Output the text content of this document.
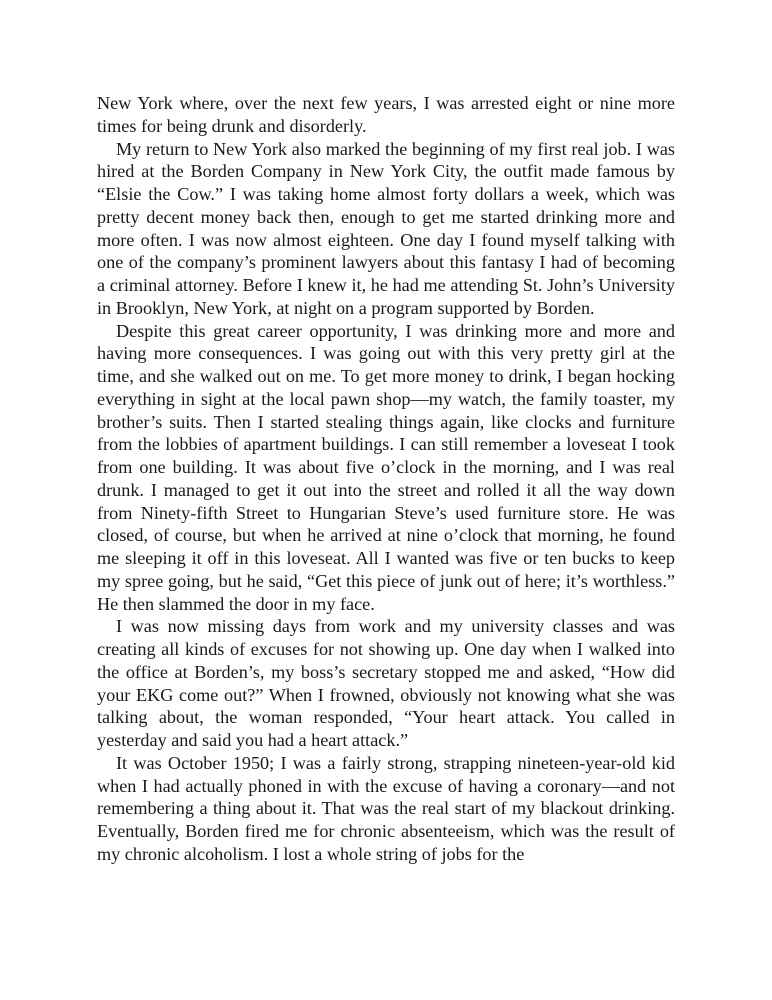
New York where, over the next few years, I was arrested eight or nine more times for being drunk and disorderly.

My return to New York also marked the beginning of my first real job. I was hired at the Borden Company in New York City, the outfit made famous by “Elsie the Cow.” I was taking home almost forty dollars a week, which was pretty decent money back then, enough to get me started drinking more and more often. I was now almost eighteen. One day I found myself talking with one of the company’s prominent lawyers about this fantasy I had of becoming a criminal attorney. Before I knew it, he had me attending St. John’s University in Brooklyn, New York, at night on a program supported by Borden.

Despite this great career opportunity, I was drinking more and more and having more consequences. I was going out with this very pretty girl at the time, and she walked out on me. To get more money to drink, I began hocking everything in sight at the local pawn shop—my watch, the family toaster, my brother’s suits. Then I started stealing things again, like clocks and furniture from the lobbies of apartment buildings. I can still remember a loveseat I took from one building. It was about five o’clock in the morning, and I was real drunk. I managed to get it out into the street and rolled it all the way down from Ninety-fifth Street to Hungarian Steve’s used furniture store. He was closed, of course, but when he arrived at nine o’clock that morning, he found me sleeping it off in this loveseat. All I wanted was five or ten bucks to keep my spree going, but he said, “Get this piece of junk out of here; it’s worthless.” He then slammed the door in my face.

I was now missing days from work and my university classes and was creating all kinds of excuses for not showing up. One day when I walked into the office at Borden’s, my boss’s secretary stopped me and asked, “How did your EKG come out?” When I frowned, obviously not knowing what she was talking about, the woman responded, “Your heart attack. You called in yesterday and said you had a heart attack.”

It was October 1950; I was a fairly strong, strapping nineteen-year-old kid when I had actually phoned in with the excuse of having a coronary—and not remembering a thing about it. That was the real start of my blackout drinking. Eventually, Borden fired me for chronic absenteeism, which was the result of my chronic alcoholism. I lost a whole string of jobs for the
